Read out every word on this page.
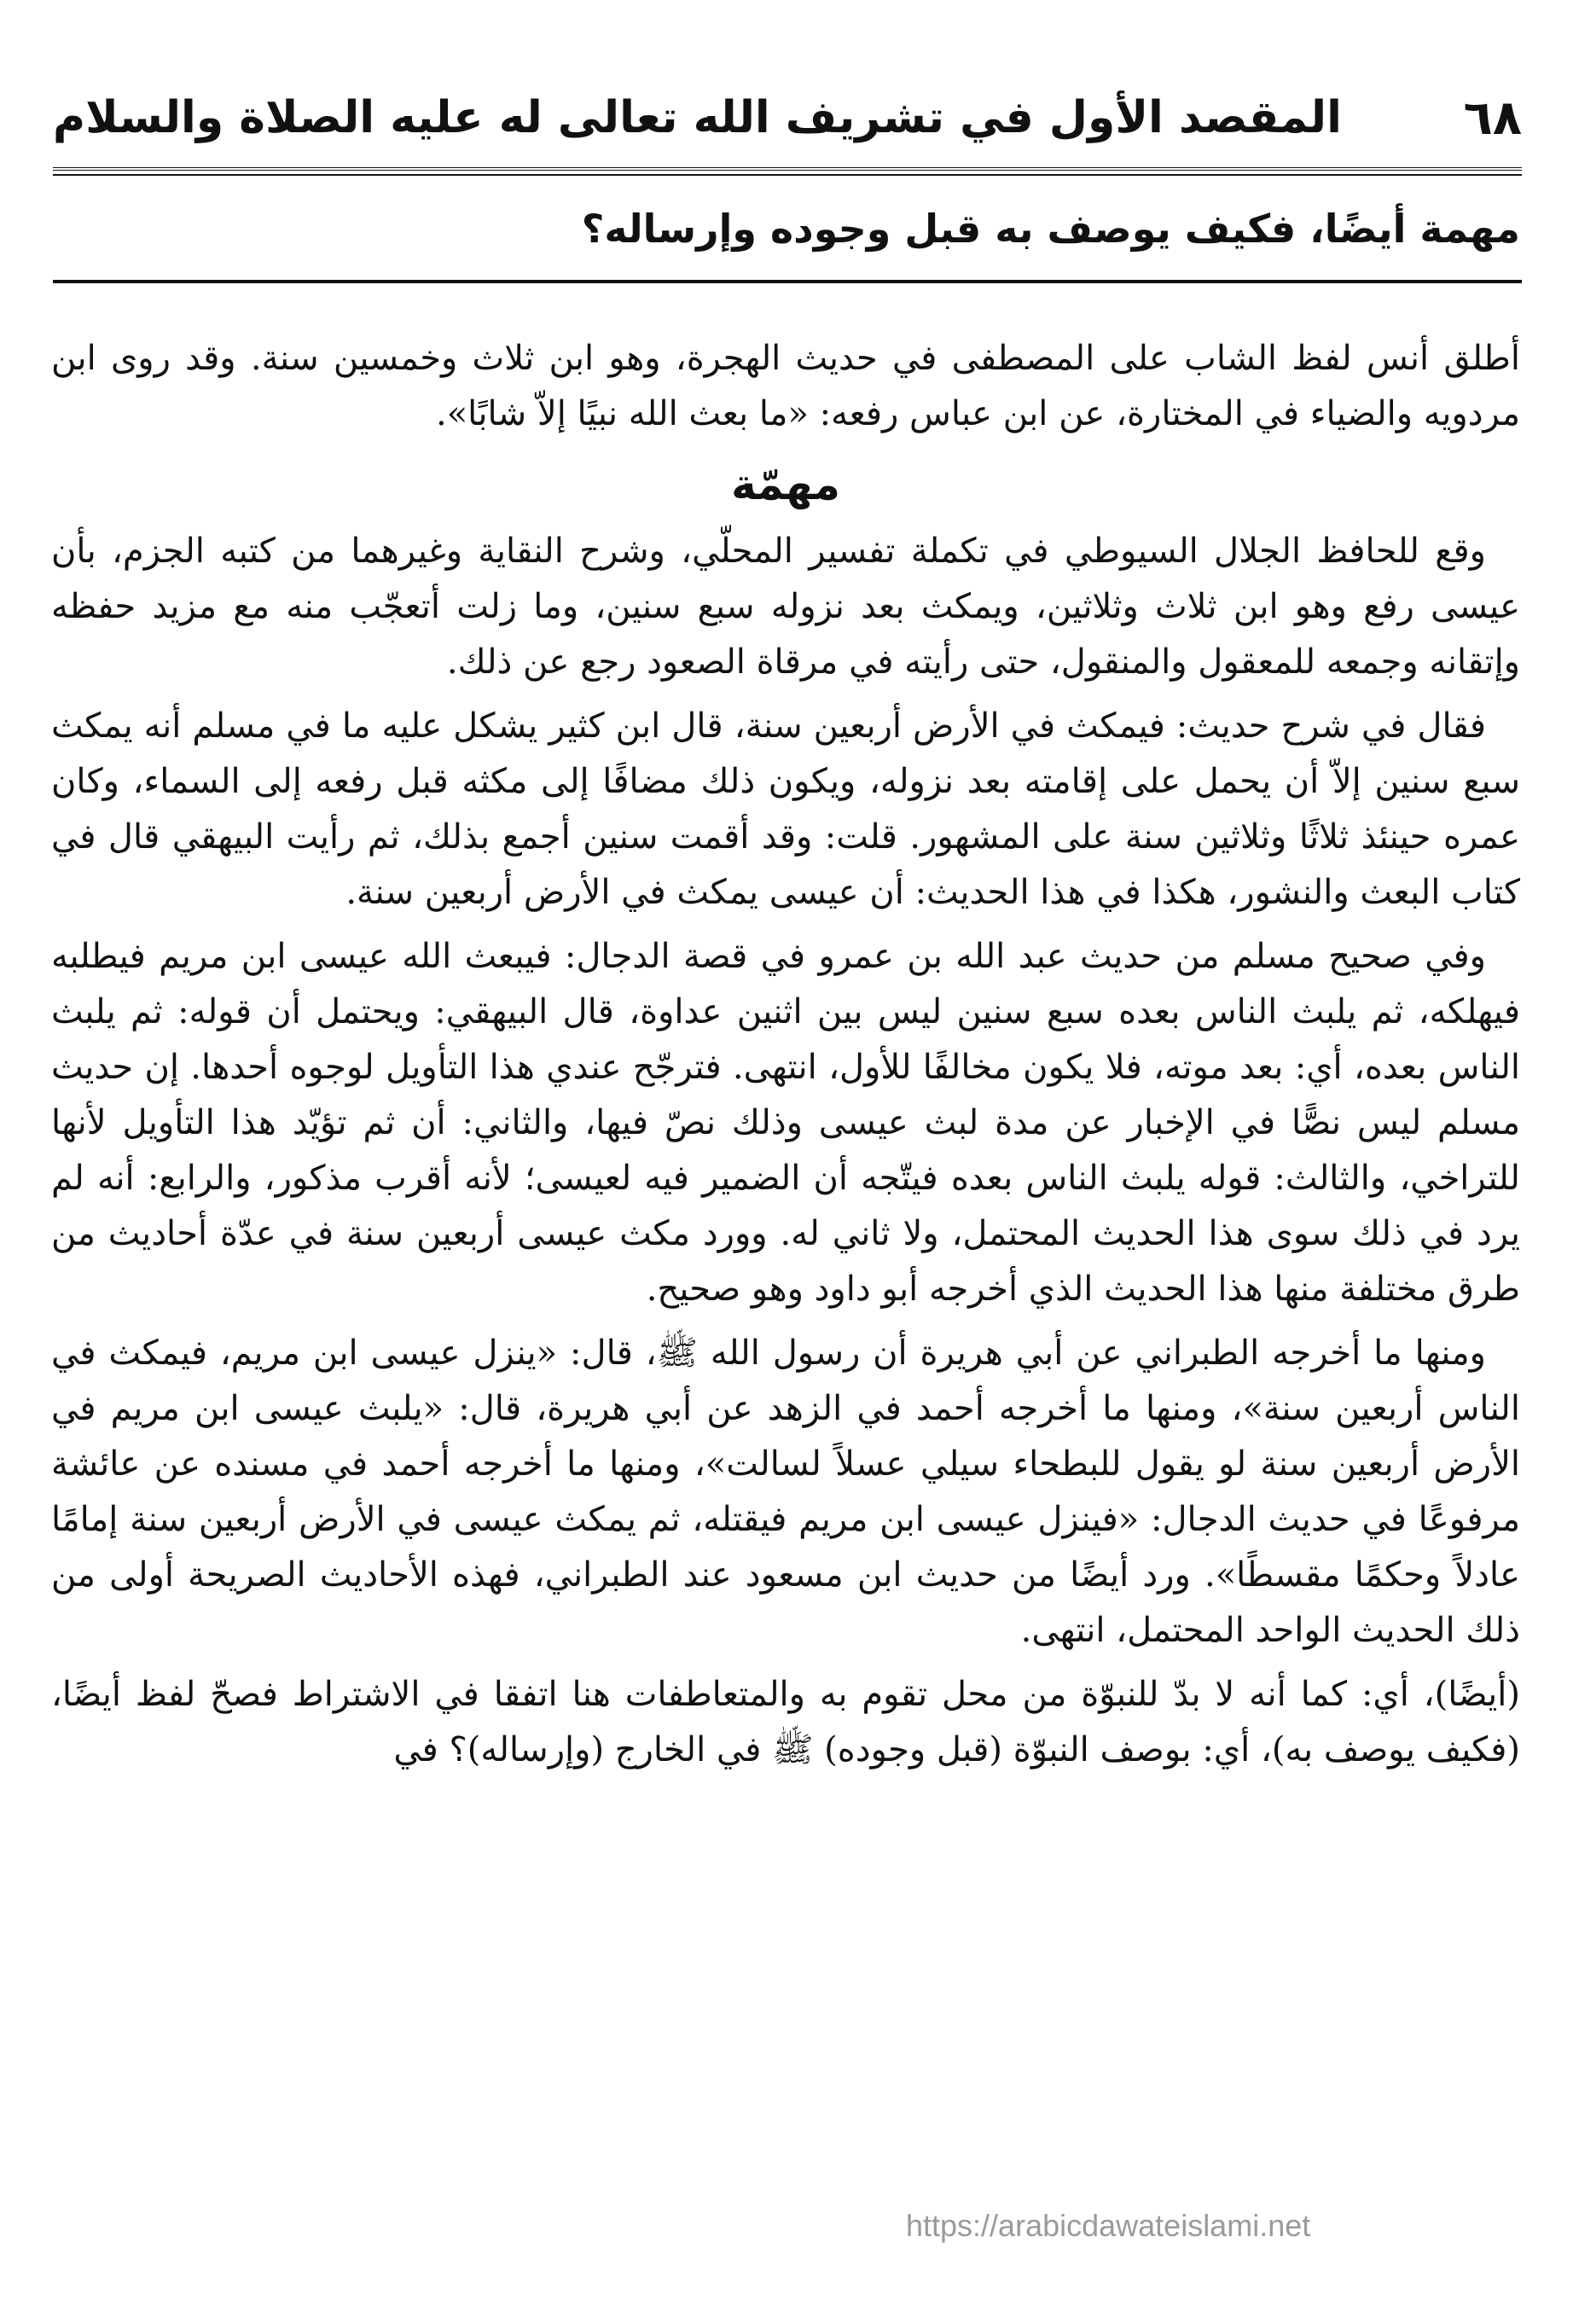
٦٨
المقصد الأول في تشريف الله تعالى له عليه الصلاة والسلام
مهمة أيضًا، فكيف يوصف به قبل وجوده وإرساله؟

أطلق أنس لفظ الشاب على المصطفى في حديث الهجرة، وهو ابن ثلاث وخمسين سنة. وقد روى ابن مردويه والضياء في المختارة، عن ابن عباس رفعه: «ما بعث الله نبيًا إلاّ شابًا».

مهمّة

وقع للحافظ الجلال السيوطي في تكملة تفسير المحلّي، وشرح النقاية وغيرهما من كتبه الجزم، بأن عيسى رفع وهو ابن ثلاث وثلاثين، ويمكث بعد نزوله سبع سنين، وما زلت أتعجّب منه مع مزيد حفظه وإتقانه وجمعه للمعقول والمنقول، حتى رأيته في مرقاة الصعود رجع عن ذلك.

فقال في شرح حديث: فيمكث في الأرض أربعين سنة، قال ابن كثير يشكل عليه ما في مسلم أنه يمكث سبع سنين إلاّ أن يحمل على إقامته بعد نزوله، ويكون ذلك مضافًا إلى مكثه قبل رفعه إلى السماء، وكان عمره حينئذ ثلاثًا وثلاثين سنة على المشهور. قلت: وقد أقمت سنين أجمع بذلك، ثم رأيت البيهقي قال في كتاب البعث والنشور، هكذا في هذا الحديث: أن عيسى يمكث في الأرض أربعين سنة.

وفي صحيح مسلم من حديث عبد الله بن عمرو في قصة الدجال: فيبعث الله عيسى ابن مريم فيطلبه فيهلكه، ثم يلبث الناس بعده سبع سنين ليس بين اثنين عداوة، قال البيهقي: ويحتمل أن قوله: ثم يلبث الناس بعده، أي: بعد موته، فلا يكون مخالفًا للأول، انتهى. فترجّح عندي هذا التأويل لوجوه أحدها. إن حديث مسلم ليس نصًّا في الإخبار عن مدة لبث عيسى وذلك نصّ فيها، والثاني: أن ثم تؤيّد هذا التأويل لأنها للتراخي، والثالث: قوله يلبث الناس بعده فيتّجه أن الضمير فيه لعيسى؛ لأنه أقرب مذكور، والرابع: أنه لم يرد في ذلك سوى هذا الحديث المحتمل، ولا ثاني له. وورد مكث عيسى أربعين سنة في عدّة أحاديث من طرق مختلفة منها هذا الحديث الذي أخرجه أبو داود وهو صحيح.

ومنها ما أخرجه الطبراني عن أبي هريرة أن رسول الله ﷺ، قال: «ينزل عيسى ابن مريم، فيمكث في الناس أربعين سنة»، ومنها ما أخرجه أحمد في الزهد عن أبي هريرة، قال: «يلبث عيسى ابن مريم في الأرض أربعين سنة لو يقول للبطحاء سيلي عسلاً لسالت»، ومنها ما أخرجه أحمد في مسنده عن عائشة مرفوعًا في حديث الدجال: «فينزل عيسى ابن مريم فيقتله، ثم يمكث عيسى في الأرض أربعين سنة إمامًا عادلاً وحكمًا مقسطًا». ورد أيضًا من حديث ابن مسعود عند الطبراني، فهذه الأحاديث الصريحة أولى من ذلك الحديث الواحد المحتمل، انتهى.

(أيضًا)، أي: كما أنه لا بدّ للنبوّة من محل تقوم به والمتعاطفات هنا اتفقا في الاشتراط فصحّ لفظ أيضًا، (فكيف يوصف به)، أي: بوصف النبوّة (قبل وجوده) ﷺ في الخارج (وإرساله)؟ في

https://arabicdawateislami.net
